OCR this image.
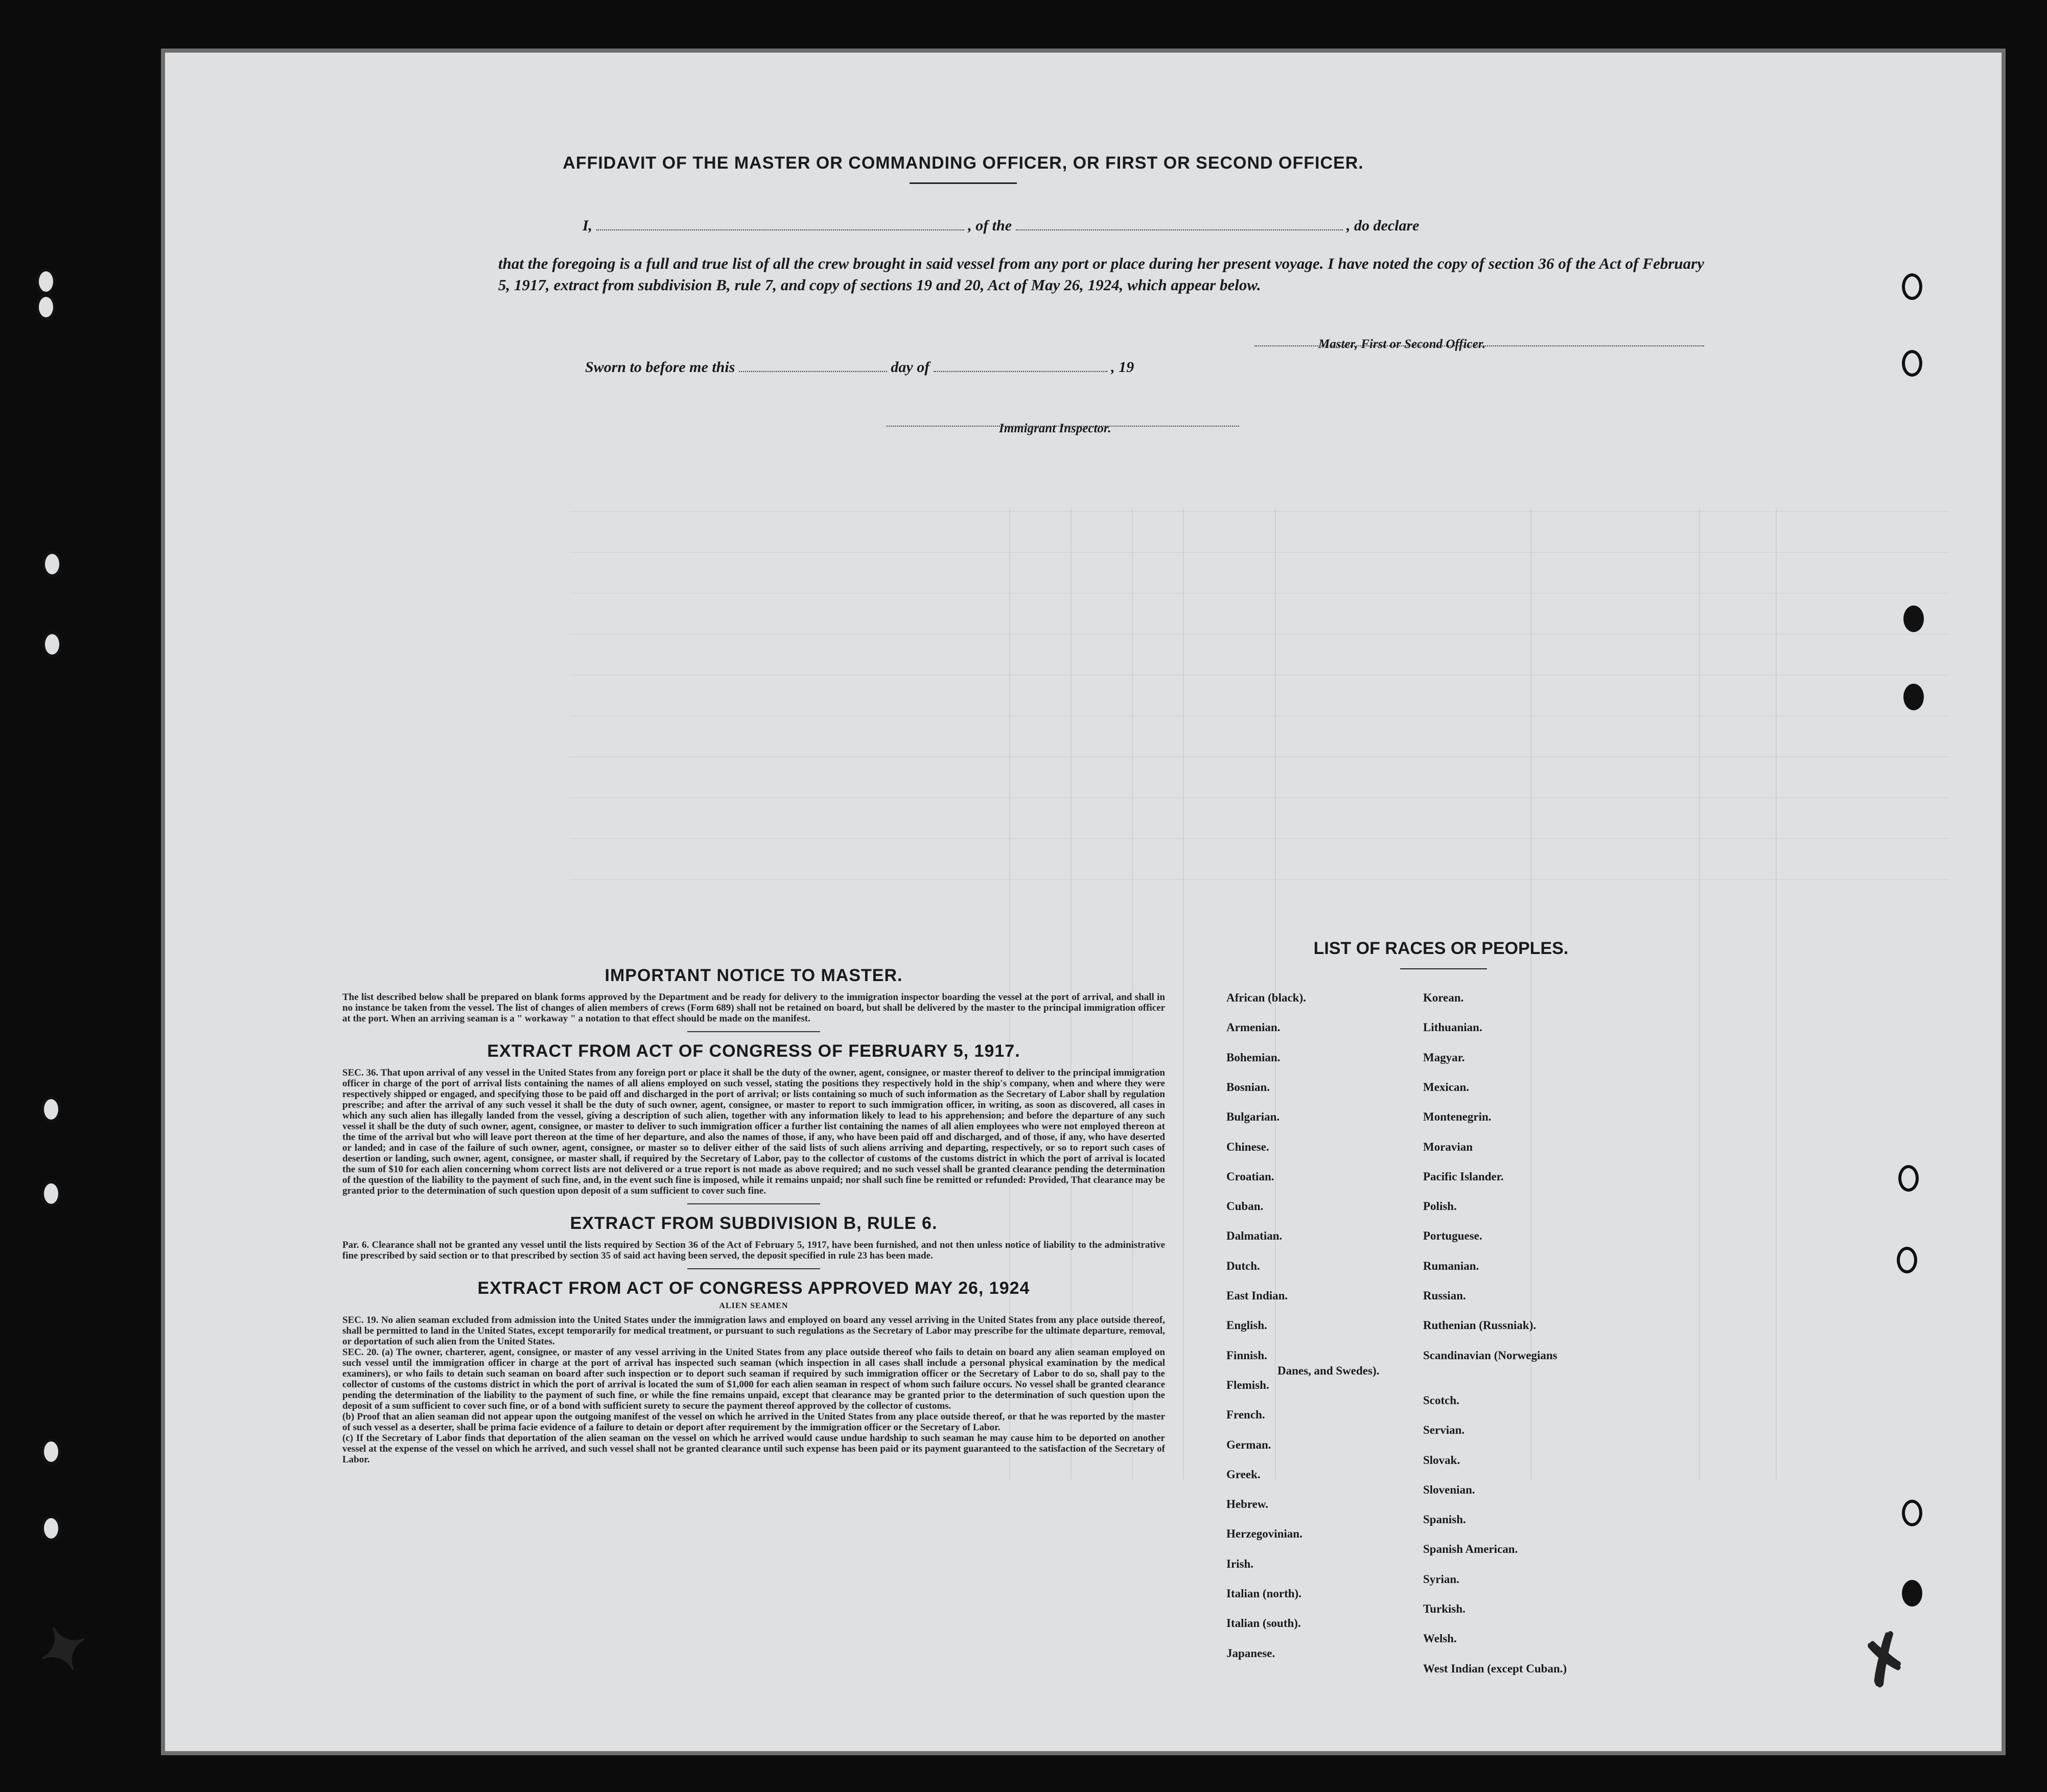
AFFIDAVIT OF THE MASTER OR COMMANDING OFFICER, OR FIRST OR SECOND OFFICER.
I,	, of the	, do declare
that the foregoing is a full and true list of all the crew brought in said vessel from any port or place during her present voyage. I have noted the copy of section 36 of the Act of February 5, 1917, extract from subdivision B, rule 7, and copy of sections 19 and 20, Act of May 26, 1924, which appear below.
Master, First or Second Officer.
Sworn to before me this	day of	, 19
Immigrant Inspector.
IMPORTANT NOTICE TO MASTER.

The list described below shall be prepared on blank forms approved by the Department and be ready for delivery to the immigration inspector boarding the vessel at the port of arrival, and shall in no instance be taken from the vessel. The list of changes of alien members of crews (Form 689) shall not be retained on board, but shall be delivered by the master to the principal immigration officer at the port. When an arriving seaman is a " workaway " a notation to that effect should be made on the manifest.

EXTRACT FROM ACT OF CONGRESS OF FEBRUARY 5, 1917.

SEC. 36. That upon arrival of any vessel in the United States from any foreign port or place it shall be the duty of the owner, agent, consignee, or master thereof to deliver to the principal immigration officer in charge of the port of arrival lists containing the names of all aliens employed on such vessel, stating the positions they respectively hold in the ship's company, when and where they were respectively shipped or engaged, and specifying those to be paid off and discharged in the port of arrival; or lists containing so much of such information as the Secretary of Labor shall by regulation prescribe; and after the arrival of any such vessel it shall be the duty of such owner, agent, consignee, or master to report to such immigration officer, in writing, as soon as discovered, all cases in which any such alien has illegally landed from the vessel, giving a description of such alien, together with any information likely to lead to his apprehension; and before the departure of any such vessel it shall be the duty of such owner, agent, consignee, or master to deliver to such immigration officer a further list containing the names of all alien employees who were not employed thereon at the time of the arrival but who will leave port thereon at the time of her departure, and also the names of those, if any, who have been paid off and discharged, and of those, if any, who have deserted or landed; and in case of the failure of such owner, agent, consignee, or master so to deliver either of the said lists of such aliens arriving and departing, respectively, or so to report such cases of desertion or landing, such owner, agent, consignee, or master shall, if required by the Secretary of Labor, pay to the collector of customs of the customs district in which the port of arrival is located the sum of $10 for each alien concerning whom correct lists are not delivered or a true report is not made as above required; and no such vessel shall be granted clearance pending the determination of the question of the liability to the payment of such fine, and, in the event such fine is imposed, while it remains unpaid; nor shall such fine be remitted or refunded: Provided, That clearance may be granted prior to the determination of such question upon deposit of a sum sufficient to cover such fine.

EXTRACT FROM SUBDIVISION B, RULE 6.

Par. 6. Clearance shall not be granted any vessel until the lists required by Section 36 of the Act of February 5, 1917, have been furnished, and not then unless notice of liability to the administrative fine prescribed by said section or to that prescribed by section 35 of said act having been served, the deposit specified in rule 23 has been made.

EXTRACT FROM ACT OF CONGRESS APPROVED MAY 26, 1924
ALIEN SEAMEN

SEC. 19. No alien seaman excluded from admission into the United States under the immigration laws and employed on board any vessel arriving in the United States from any place outside thereof, shall be permitted to land in the United States, except temporarily for medical treatment, or pursuant to such regulations as the Secretary of Labor may prescribe for the ultimate departure, removal, or deportation of such alien from the United States.

SEC. 20. (a) The owner, charterer, agent, consignee, or master of any vessel arriving in the United States from any place outside thereof who fails to detain on board any alien seaman employed on such vessel until the immigration officer in charge at the port of arrival has inspected such seaman (which inspection in all cases shall include a personal physical examination by the medical examiners), or who fails to detain such seaman on board after such inspection or to deport such seaman if required by such immigration officer or the Secretary of Labor to do so, shall pay to the collector of customs of the customs district in which the port of arrival is located the sum of $1,000 for each alien seaman in respect of whom such failure occurs. No vessel shall be granted clearance pending the determination of the liability to the payment of such fine, or while the fine remains unpaid, except that clearance may be granted prior to the determination of such question upon the deposit of a sum sufficient to cover such fine, or of a bond with sufficient surety to secure the payment thereof approved by the collector of customs.

(b) Proof that an alien seaman did not appear upon the outgoing manifest of the vessel on which he arrived in the United States from any place outside thereof, or that he was reported by the master of such vessel as a deserter, shall be prima facie evidence of a failure to detain or deport after requirement by the immigration officer or the Secretary of Labor.

(c) If the Secretary of Labor finds that deportation of the alien seaman on the vessel on which he arrived would cause undue hardship to such seaman he may cause him to be deported on another vessel at the expense of the vessel on which he arrived, and such vessel shall not be granted clearance until such expense has been paid or its payment guaranteed to the satisfaction of the Secretary of Labor.

LIST OF RACES OR PEOPLES.
African (black).
Armenian.
Bohemian.
Bosnian.
Bulgarian.
Chinese.
Croatian.
Cuban.
Dalmatian.
Dutch.
East Indian.
English.
Finnish.
Flemish.
French.
German.
Greek.
Hebrew.
Herzegovinian.
Irish.
Italian (north).
Italian (south).
Japanese.
Korean.
Lithuanian.
Magyar.
Mexican.
Montenegrin.
Moravian
Pacific Islander.
Polish.
Portuguese.
Rumanian.
Russian.
Ruthenian (Russniak).
Scandinavian (Norwegians
Danes, and Swedes).
Scotch.
Servian.
Slovak.
Slovenian.
Spanish.
Spanish American.
Syrian.
Turkish.
Welsh.
West Indian (except Cuban.)
✦	✗
